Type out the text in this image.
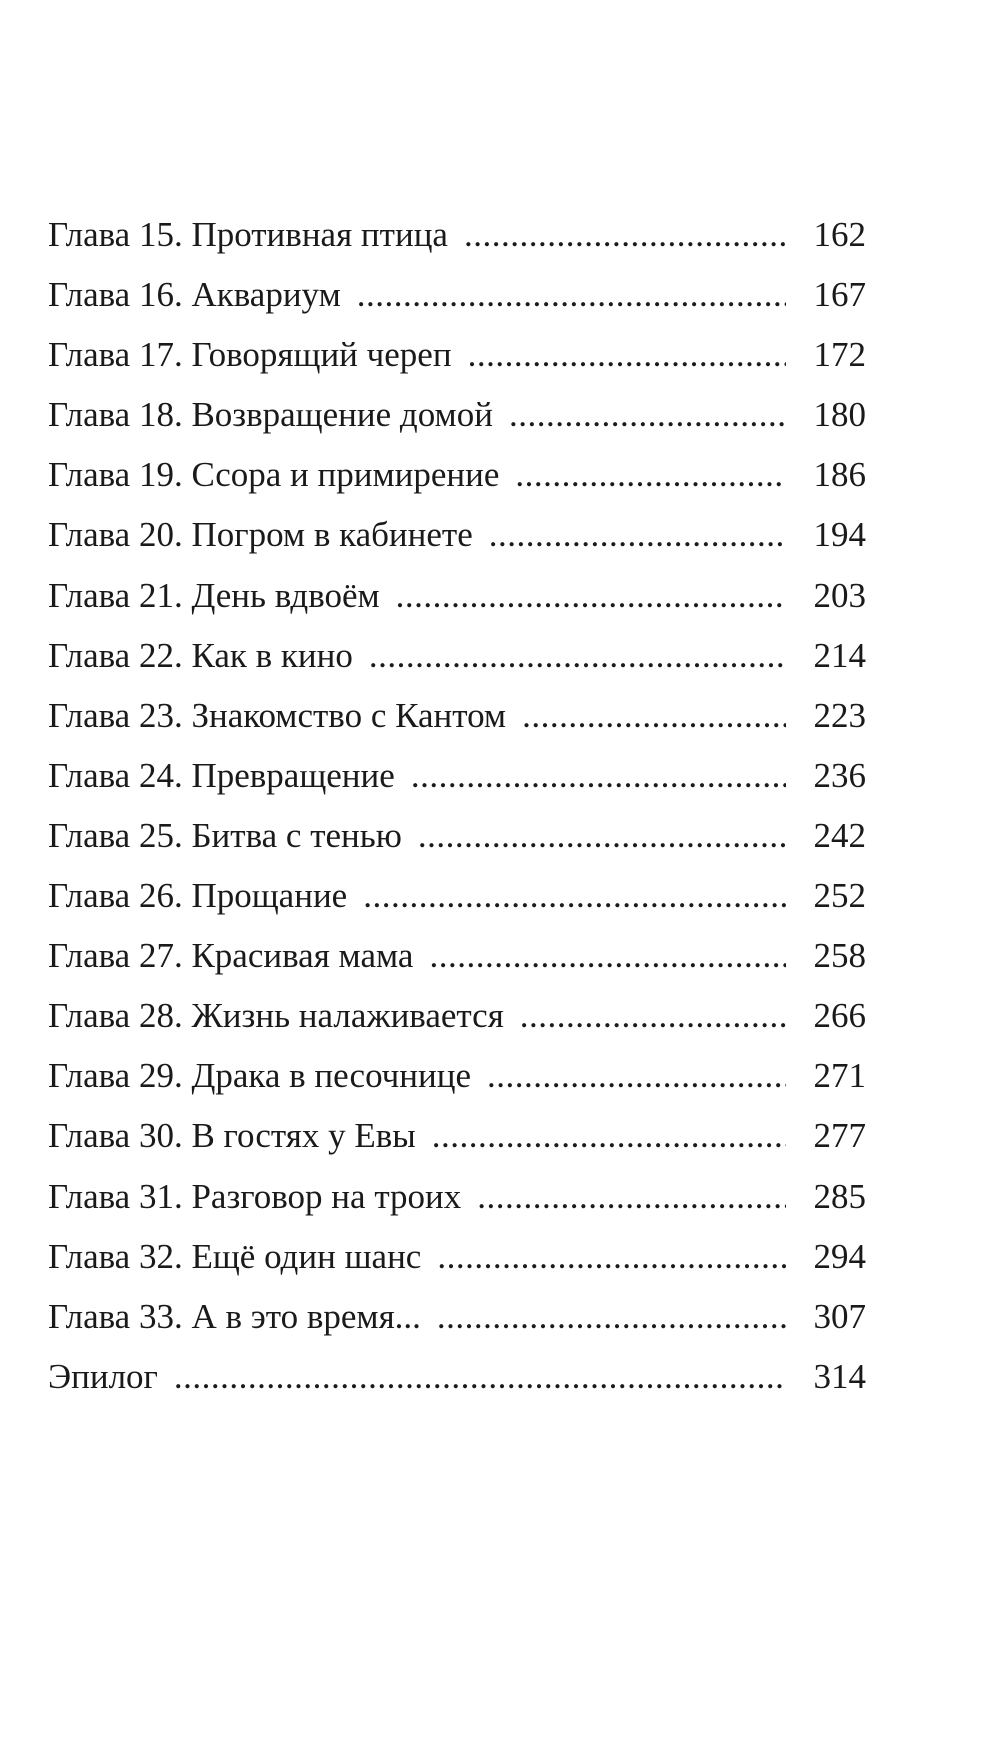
Глава 15. Противная птица .....	162
Глава 16. Аквариум .....	167
Глава 17. Говорящий череп .....	172
Глава 18. Возвращение домой .....	180
Глава 19. Ссора и примирение .....	186
Глава 20. Погром в кабинете .....	194
Глава 21. День вдвоём .....	203
Глава 22. Как в кино .....	214
Глава 23. Знакомство с Кантом .....	223
Глава 24. Превращение .....	236
Глава 25. Битва с тенью .....	242
Глава 26. Прощание .....	252
Глава 27. Красивая мама .....	258
Глава 28. Жизнь налаживается .....	266
Глава 29. Драка в песочнице .....	271
Глава 30. В гостях у Евы .....	277
Глава 31. Разговор на троих .....	285
Глава 32. Ещё один шанс .....	294
Глава 33. А в это время... .....	307
Эпилог .....	314
